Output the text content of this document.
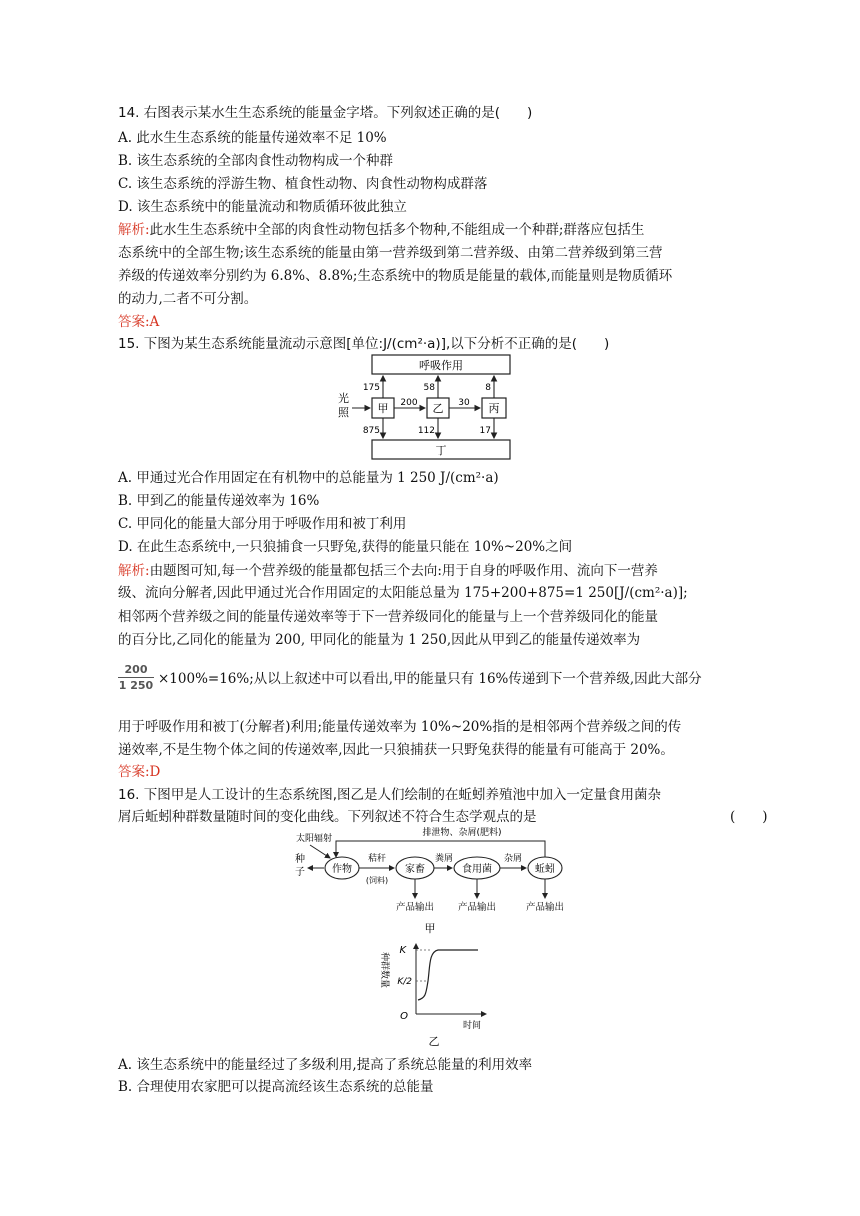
14. 右图表示某水生生态系统的能量金字塔。下列叙述正确的是(　　)
A. 此水生生态系统的能量传递效率不足 10%
B. 该生态系统的全部肉食性动物构成一个种群
C. 该生态系统的浮游生物、植食性动物、肉食性动物构成群落
D. 该生态系统中的能量流动和物质循环彼此独立
解析:此水生生态系统中全部的肉食性动物包括多个物种,不能组成一个种群;群落应包括生
态系统中的全部生物;该生态系统的能量由第一营养级到第二营养级、由第二营养级到第三营
养级的传递效率分别约为 6.8%、8.8%;生态系统中的物质是能量的载体,而能量则是物质循环
的动力,二者不可分割。
答案:A
15. 下图为某生态系统能量流动示意图[单位:J/(cm²·a)],以下分析不正确的是(　　)
呼吸作用
丁
光
照	甲	乙	丙
200	30
175	58	8
875	112	17
A. 甲通过光合作用固定在有机物中的总能量为 1 250 J/(cm²·a)
B. 甲到乙的能量传递效率为 16%
C. 甲同化的能量大部分用于呼吸作用和被丁利用
D. 在此生态系统中,一只狼捕食一只野兔,获得的能量只能在 10%~20%之间
解析:由题图可知,每一个营养级的能量都包括三个去向:用于自身的呼吸作用、流向下一营养
级、流向分解者,因此甲通过光合作用固定的太阳能总量为 175+200+875=1 250[J/(cm²·a)];
相邻两个营养级之间的能量传递效率等于下一营养级同化的能量与上一个营养级同化的能量
的百分比,乙同化的能量为 200, 甲同化的能量为 1 250,因此从甲到乙的能量传递效率为
200
1 250 ×100%=16%;从以上叙述中可以看出,甲的能量只有 16%传递到下一个营养级,因此大部分
用于呼吸作用和被丁(分解者)利用;能量传递效率为 10%~20%指的是相邻两个营养级之间的传
递效率,不是生物个体之间的传递效率,因此一只狼捕获一只野兔获得的能量有可能高于 20%。
答案:D
16. 下图甲是人工设计的生态系统图,图乙是人们绘制的在蚯蚓养殖池中加入一定量食用菌杂
屑后蚯蚓种群数量随时间的变化曲线。下列叙述不符合生态学观点的是	(　　)
排泄物、杂屑(肥料)
太阳辐射
种
子	作物	家畜	食用菌	蚯蚓
秸秆
(饲料)
粪屑	杂屑
产品输出	产品输出	产品输出
甲
K
K/2
O
种群数量
时间
乙
A. 该生态系统中的能量经过了多级利用,提高了系统总能量的利用效率
B. 合理使用农家肥可以提高流经该生态系统的总能量
